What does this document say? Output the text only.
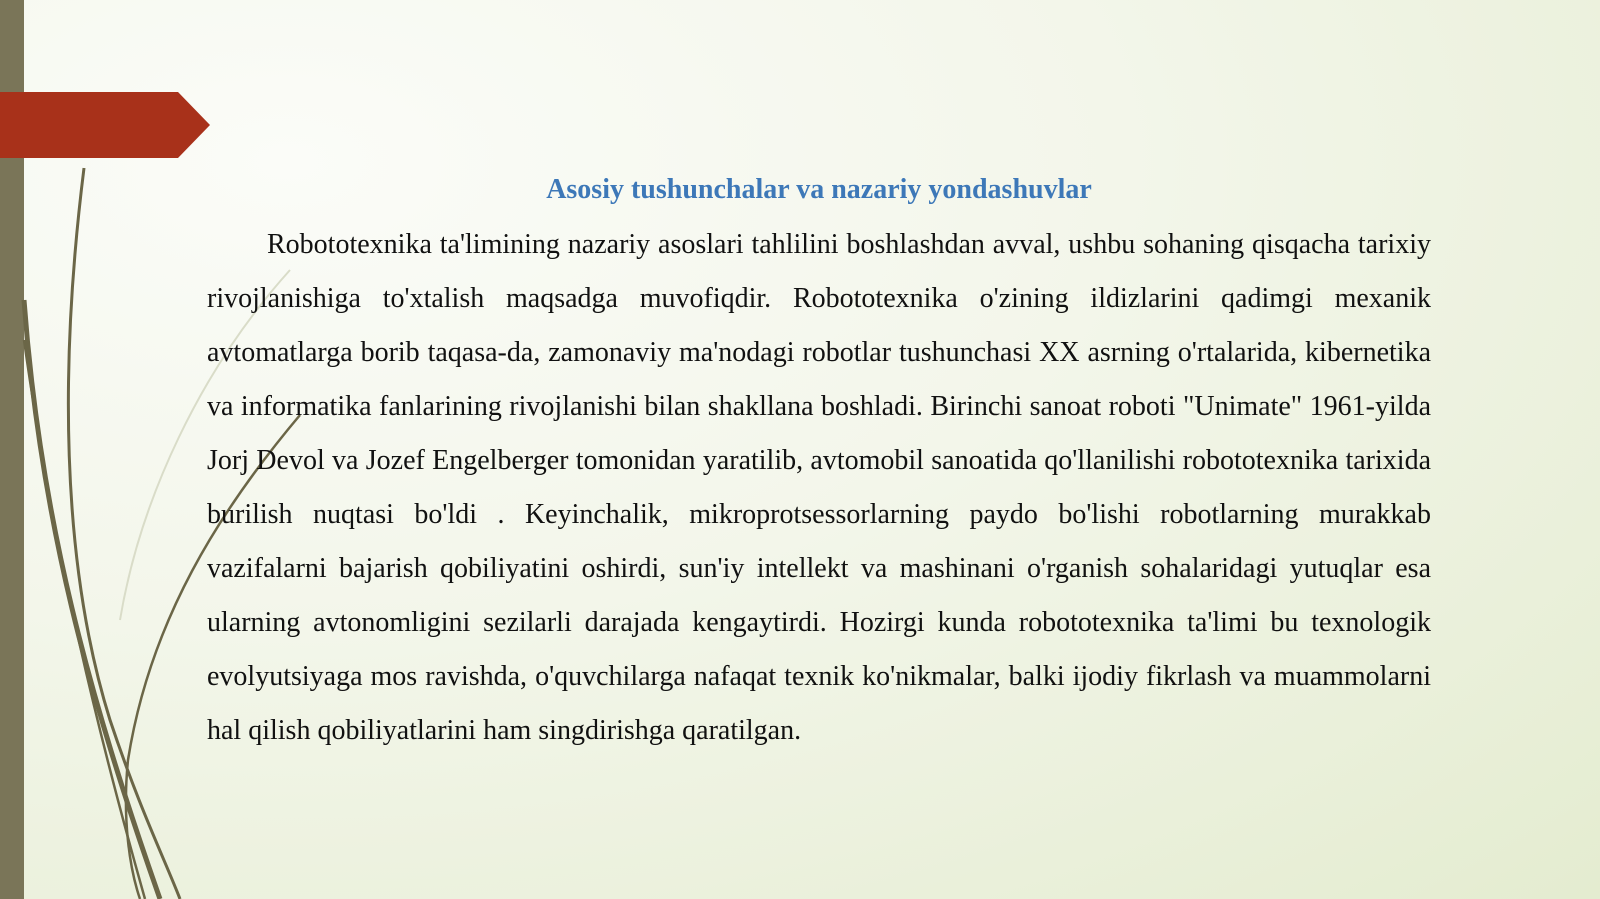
Asosiy tushunchalar va nazariy yondashuvlar

Robototexnika ta'limining nazariy asoslari tahlilini boshlashdan avval, ushbu sohaning qisqacha tarixiy rivojlanishiga to'xtalish maqsadga muvofiqdir. Robototexnika o'zining ildizlarini qadimgi mexanik avtomatlarga borib taqasa-da, zamonaviy ma'nodagi robotlar tushunchasi XX asrning o'rtalarida, kibernetika va informatika fanlarining rivojlanishi bilan shakllana boshladi. Birinchi sanoat roboti "Unimate" 1961-yilda Jorj Devol va Jozef Engelberger tomonidan yaratilib, avtomobil sanoatida qo'llanilishi robototexnika tarixida burilish nuqtasi bo'ldi . Keyinchalik, mikroprotsessorlarning paydo bo'lishi robotlarning murakkab vazifalarni bajarish qobiliyatini oshirdi, sun'iy intellekt va mashinani o'rganish sohalaridagi yutuqlar esa ularning avtonomligini sezilarli darajada kengaytirdi. Hozirgi kunda robototexnika ta'limi bu texnologik evolyutsiyaga mos ravishda, o'quvchilarga nafaqat texnik ko'nikmalar, balki ijodiy fikrlash va muammolarni hal qilish qobiliyatlarini ham singdirishga qaratilgan.
